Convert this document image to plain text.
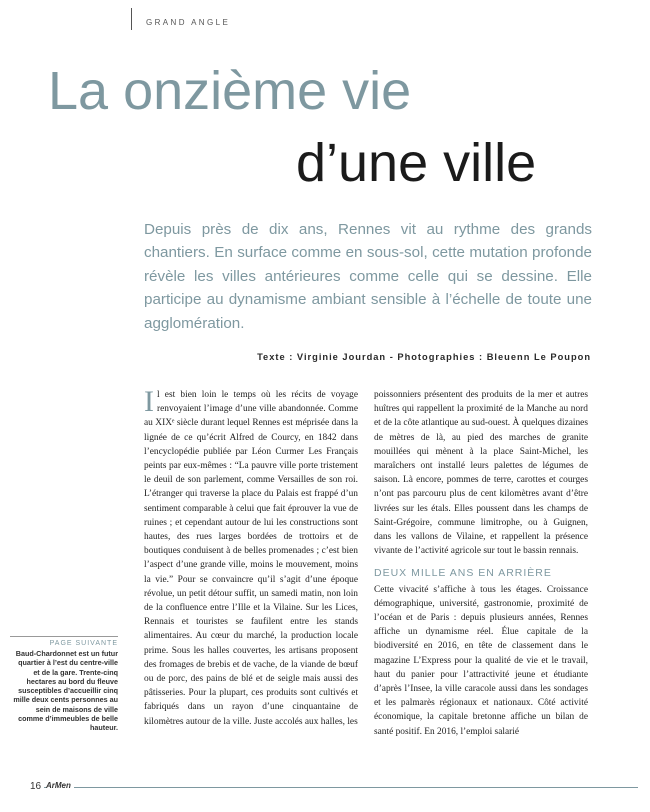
GRAND ANGLE
La onzième vie
d’une ville

Depuis près de dix ans, Rennes vit au rythme des grands chantiers. En surface comme en sous-sol, cette mutation profonde révèle les villes antérieures comme celle qui se dessine. Elle participe au dynamisme ambiant sensible à l’échelle de toute une agglomération.

Texte : Virginie Jourdan - Photographies : Bleuenn Le Poupon
I l est bien loin le temps où les récits de voyage renvoyaient l’image d’une ville abandonnée. Comme au XIXᵉ siècle durant lequel Rennes est méprisée dans la lignée de ce qu’écrit Alfred de Courcy, en 1842 dans l’encyclopédie publiée par Léon Curmer Les Français peints par eux-mêmes : “La pauvre ville porte tristement le deuil de son parlement, comme Versailles de son roi. L’étranger qui traverse la place du Palais est frappé d’un sentiment comparable à celui que fait éprouver la vue de ruines ; et cependant autour de lui les constructions sont hautes, des rues larges bordées de trottoirs et de boutiques conduisent à de belles promenades ; c’est bien l’aspect d’une grande ville, moins le mouvement, moins la vie.” Pour se convaincre qu’il s’agit d’une époque révolue, un petit détour suffit, un samedi matin, non loin de la confluence entre l’Ille et la Vilaine. Sur les Lices, Rennais et touristes se faufilent entre les stands alimentaires. Au cœur du marché, la production locale prime. Sous les halles couvertes, les artisans proposent des fromages de brebis et de vache, de la viande de bœuf ou de porc, des pains de blé et de seigle mais aussi des pâtisseries. Pour la plupart, ces produits sont cultivés et fabriqués dans un rayon d’une cinquantaine de kilomètres autour de la ville. Juste accolés aux halles, les

poissonniers présentent des produits de la mer et autres huîtres qui rappellent la proximité de la Manche au nord et de la côte atlantique au sud-ouest. À quelques dizaines de mètres de là, au pied des marches de granite mouillées qui mènent à la place Saint-Michel, les maraîchers ont installé leurs palettes de légumes de saison. Là encore, pommes de terre, carottes et courges n’ont pas parcouru plus de cent kilomètres avant d’être livrées sur les étals. Elles poussent dans les champs de Saint-Grégoire, commune limitrophe, ou à Guignen, dans les vallons de Vilaine, et rappellent la présence vivante de l’activité agricole sur tout le bassin rennais.

DEUX MILLE ANS EN ARRIÈRE

Cette vivacité s’affiche à tous les étages. Croissance démographique, université, gastronomie, proximité de l’océan et de Paris : depuis plusieurs années, Rennes affiche un dynamisme réel. Élue capitale de la biodiversité en 2016, en tête de classement dans le magazine L’Express pour la qualité de vie et le travail, haut du panier pour l’attractivité jeune et étudiante d’après l’Insee, la ville caracole aussi dans les sondages et les palmarès régionaux et nationaux. Côté activité économique, la capitale bretonne affiche un bilan de santé positif. En 2016, l’emploi salarié

PAGE SUIVANTE
Baud-Chardonnet est un futur quartier à l’est du centre-ville et de la gare. Trente-cinq hectares au bord du fleuve susceptibles d’accueillir cinq mille deux cents personnes au sein de maisons de ville comme d’immeubles de belle hauteur.
16 ArMen
